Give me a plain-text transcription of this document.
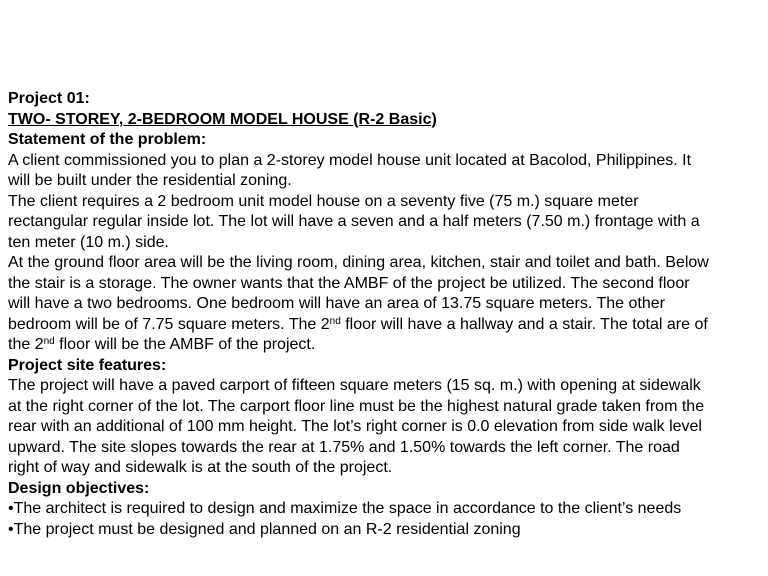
Project 01:
TWO- STOREY, 2-BEDROOM MODEL HOUSE (R-2 Basic)
Statement of the problem:
A client commissioned you to plan a 2-storey model house unit located at Bacolod, Philippines. It
will be built under the residential zoning.
The client requires a 2 bedroom unit model house on a seventy five (75 m.) square meter
rectangular regular inside lot. The lot will have a seven and a half meters (7.50 m.) frontage with a
ten meter (10 m.) side.
At the ground floor area will be the living room, dining area, kitchen, stair and toilet and bath. Below
the stair is a storage. The owner wants that the AMBF of the project be utilized. The second floor
will have a two bedrooms. One bedroom will have an area of 13.75 square meters. The other
bedroom will be of 7.75 square meters. The 2nd floor will have a hallway and a stair. The total are of
the 2nd floor will be the AMBF of the project.
Project site features:
The project will have a paved carport of fifteen square meters (15 sq. m.) with opening at sidewalk
at the right corner of the lot. The carport floor line must be the highest natural grade taken from the
rear with an additional of 100 mm height. The lot’s right corner is 0.0 elevation from side walk level
upward. The site slopes towards the rear at 1.75% and 1.50% towards the left corner. The road
right of way and sidewalk is at the south of the project.
Design objectives:
•The architect is required to design and maximize the space in accordance to the client’s needs
•The project must be designed and planned on an R-2 residential zoning
